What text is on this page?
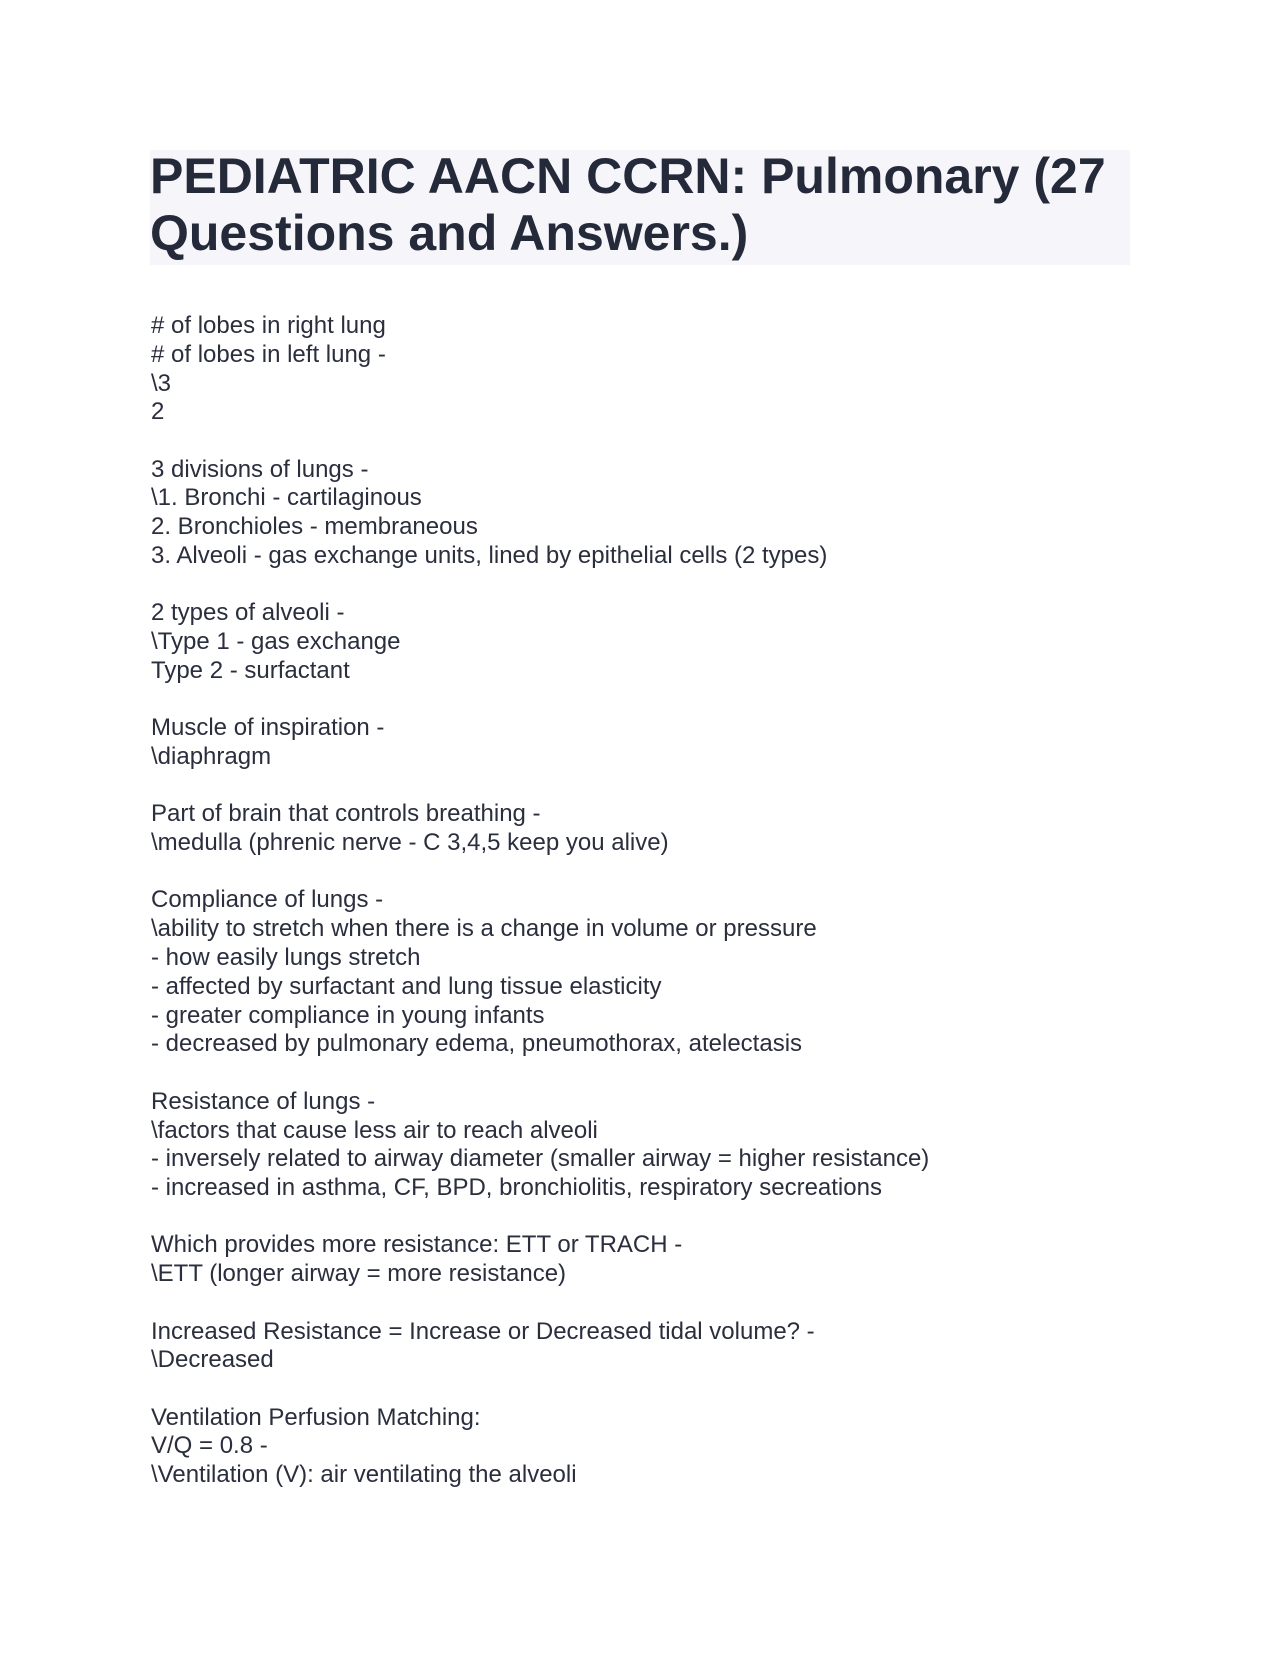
PEDIATRIC AACN CCRN: Pulmonary (27 Questions and Answers.)
# of lobes in right lung
# of lobes in left lung -
\3
2
3 divisions of lungs -
\1. Bronchi - cartilaginous
2. Bronchioles - membraneous
3. Alveoli - gas exchange units, lined by epithelial cells (2 types)
2 types of alveoli -
\Type 1 - gas exchange
Type 2 - surfactant
Muscle of inspiration -
\diaphragm
Part of brain that controls breathing -
\medulla (phrenic nerve - C 3,4,5 keep you alive)
Compliance of lungs -
\ability to stretch when there is a change in volume or pressure
- how easily lungs stretch
- affected by surfactant and lung tissue elasticity
- greater compliance in young infants
- decreased by pulmonary edema, pneumothorax, atelectasis
Resistance of lungs -
\factors that cause less air to reach alveoli
- inversely related to airway diameter (smaller airway = higher resistance)
- increased in asthma, CF, BPD, bronchiolitis, respiratory secreations
Which provides more resistance: ETT or TRACH -
\ETT (longer airway = more resistance)
Increased Resistance = Increase or Decreased tidal volume? -
\Decreased
Ventilation Perfusion Matching:
V/Q = 0.8 -
\Ventilation (V): air ventilating the alveoli
